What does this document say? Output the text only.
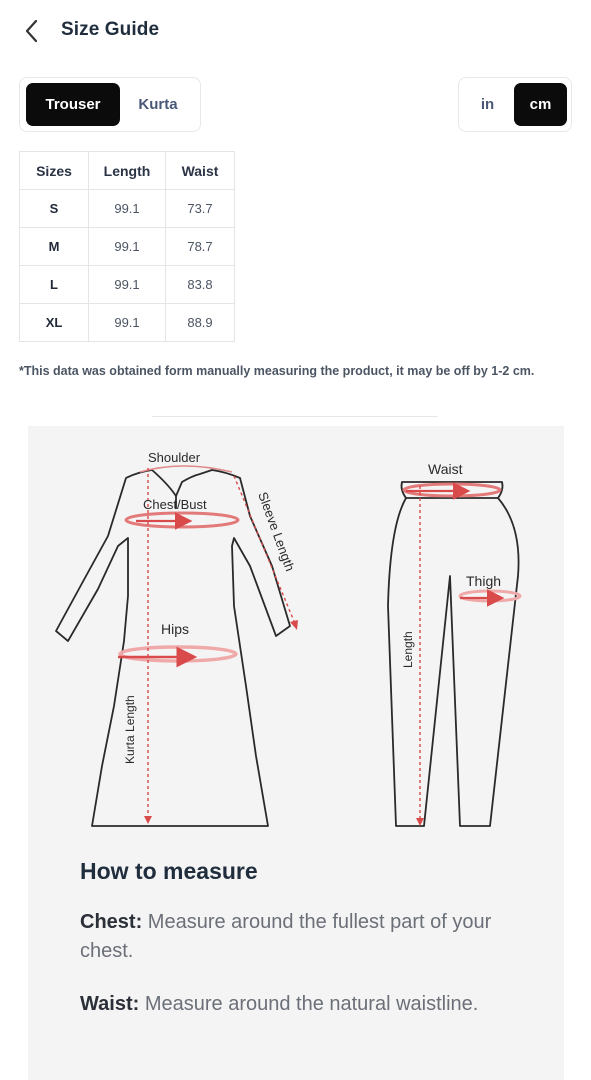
Size Guide
Trouser	Kurta	in	cm
Sizes	Length	Waist
S	99.1	73.7
M	99.1	78.7
L	99.1	83.8
XL	99.1	88.9
*This data was obtained form manually measuring the product, it may be off by 1-2 cm.
Shoulder
Chest/Bust
Hips
Kurta Length
Sleeve Length
Waist
Thigh
Length
How to measure
Chest: Measure around the fullest part of your chest.
Waist: Measure around the natural waistline.
